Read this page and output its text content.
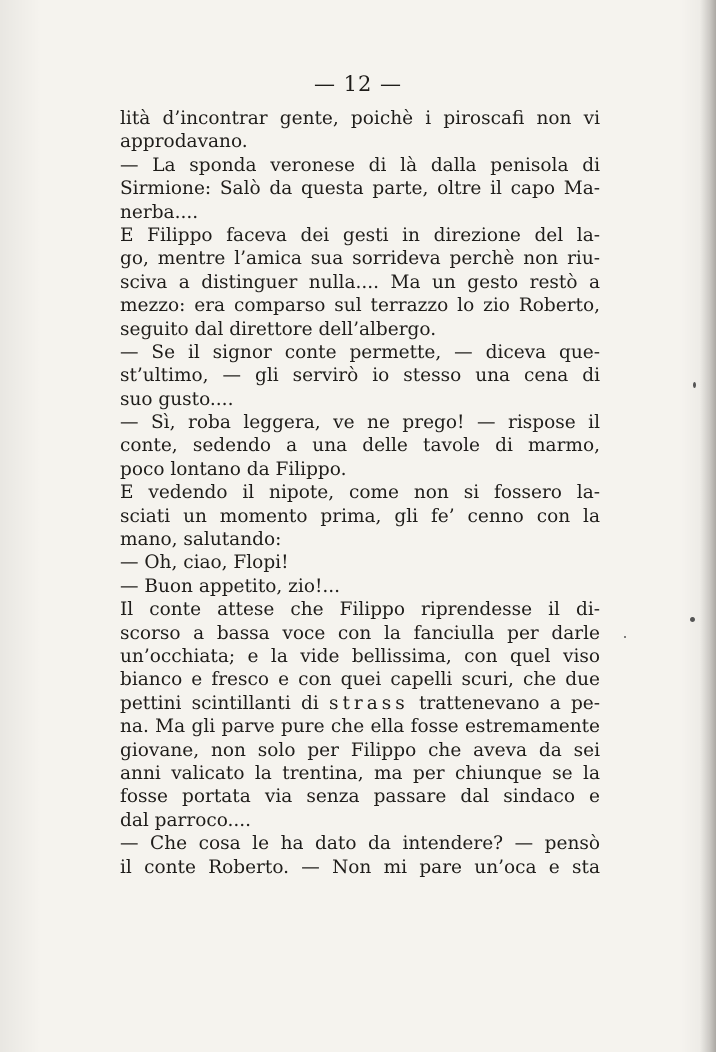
— 12 —
lità d’incontrar gente, poichè i piroscafi non vi
approdavano.
— La sponda veronese di là dalla penisola di
Sirmione: Salò da questa parte, oltre il capo Ma-
nerba....
E Filippo faceva dei gesti in direzione del la-
go, mentre l’amica sua sorrideva perchè non riu-
sciva a distinguer nulla.... Ma un gesto restò a
mezzo: era comparso sul terrazzo lo zio Roberto,
seguito dal direttore dell’albergo.
— Se il signor conte permette, — diceva que-
st’ultimo, — gli servirò io stesso una cena di
suo gusto....
— Sì, roba leggera, ve ne prego! — rispose il
conte, sedendo a una delle tavole di marmo,
poco lontano da Filippo.
E vedendo il nipote, come non si fossero la-
sciati un momento prima, gli fe’ cenno con la
mano, salutando:
— Oh, ciao, Flopi!
— Buon appetito, zio!...
Il conte attese che Filippo riprendesse il di-
scorso a bassa voce con la fanciulla per darle
un’occhiata; e la vide bellissima, con quel viso
bianco e fresco e con quei capelli scuri, che due
pettini scintillanti di strass trattenevano a pe-
na. Ma gli parve pure che ella fosse estremamente
giovane, non solo per Filippo che aveva da sei
anni valicato la trentina, ma per chiunque se la
fosse portata via senza passare dal sindaco e
dal parroco....
— Che cosa le ha dato da intendere? — pensò
il conte Roberto. — Non mi pare un’oca e sta
